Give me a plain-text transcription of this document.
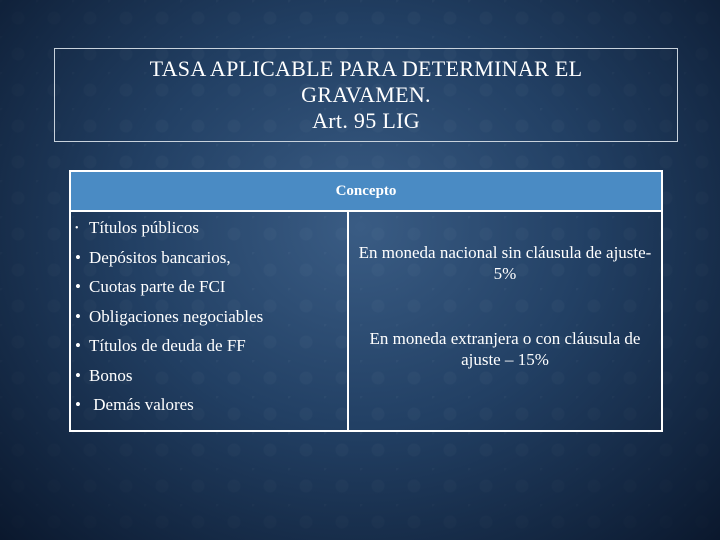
TASA APLICABLE PARA DETERMINAR EL
GRAVAMEN.
Art. 95 LIG
Concepto
• Títulos públicos
• Depósitos bancarios,
• Cuotas parte de FCI
• Obligaciones negociables
• Títulos de deuda de FF
• Bonos
• Demás valores
En moneda nacional sin cláusula de ajuste- 5%
En moneda extranjera o con cláusula de ajuste – 15%
